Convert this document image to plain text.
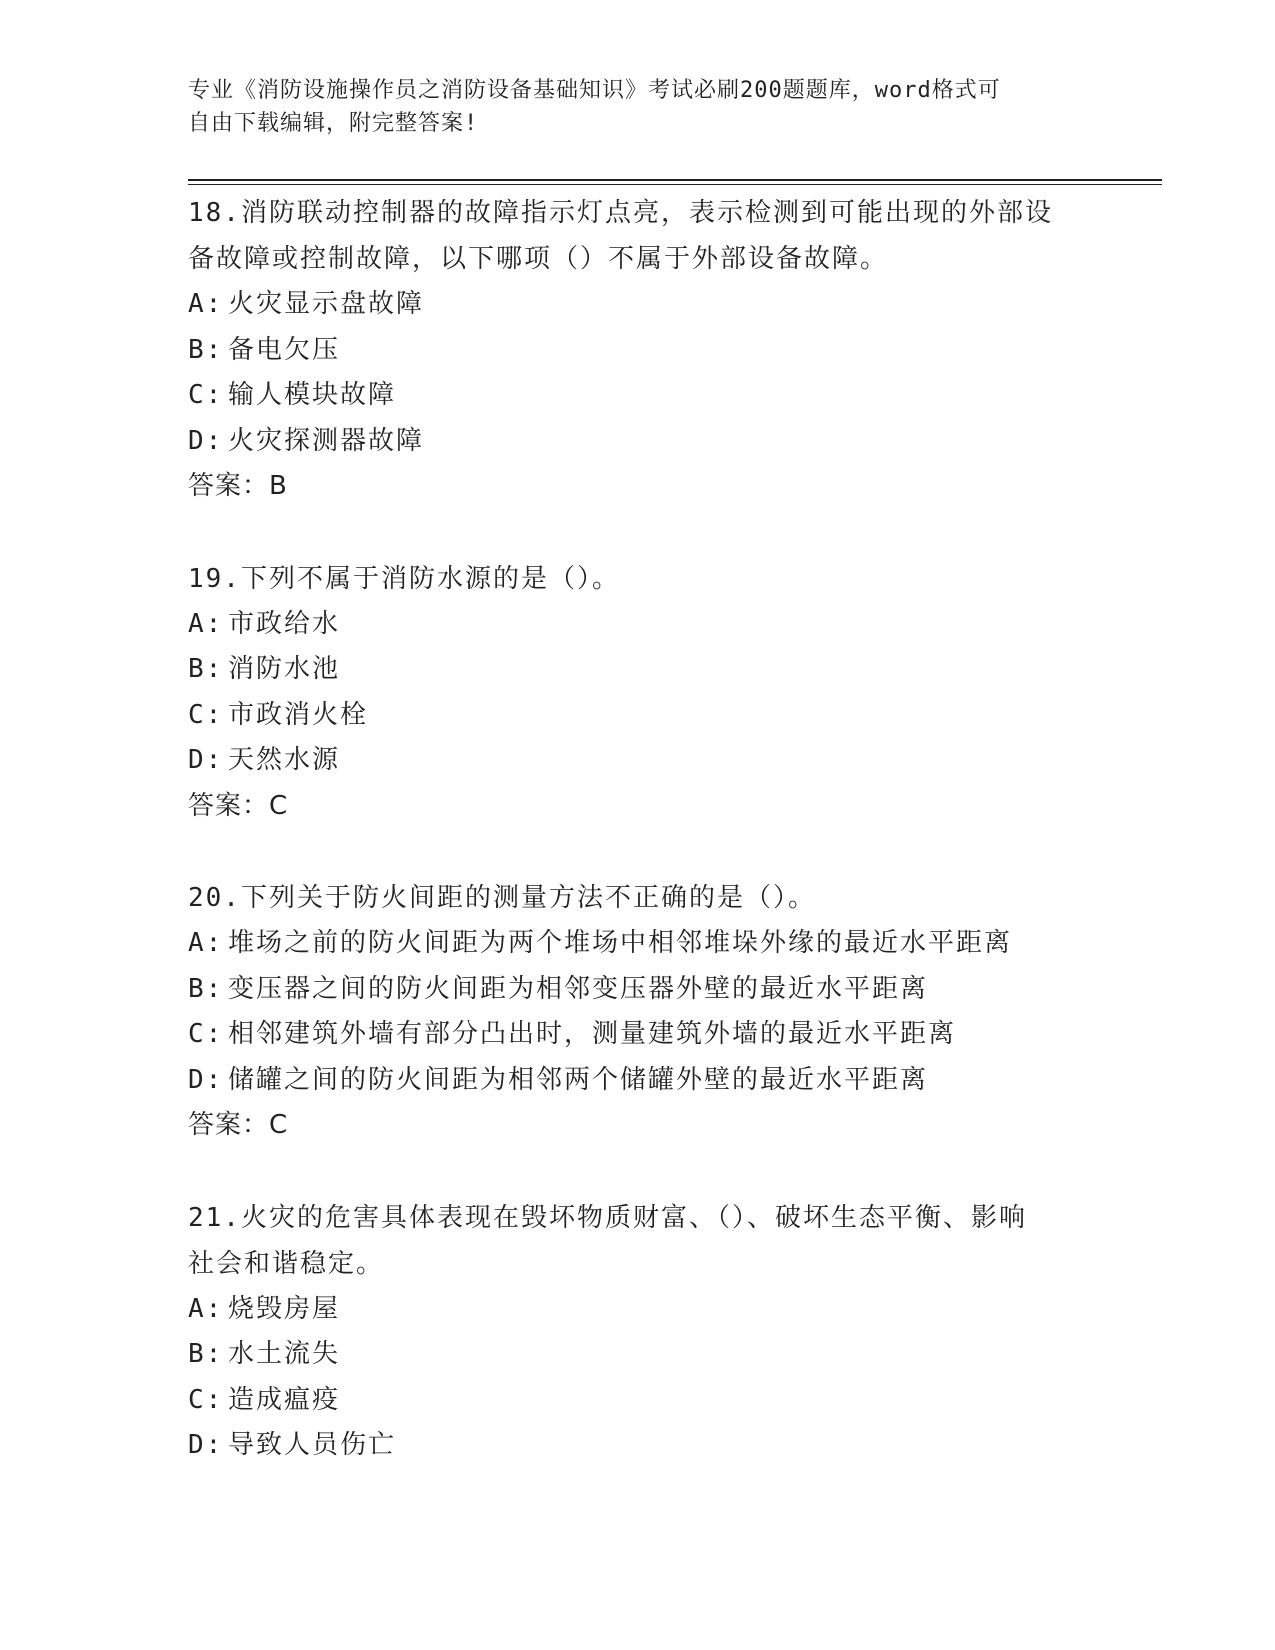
专业《消防设施操作员之消防设备基础知识》考试必刷200题题库，word格式可
自由下载编辑，附完整答案!
18.消防联动控制器的故障指示灯点亮，表示检测到可能出现的外部设
备故障或控制故障，以下哪项（）不属于外部设备故障。
A: 火灾显示盘故障
B: 备电欠压
C: 输人模块故障
D: 火灾探测器故障
答案：B
19.下列不属于消防水源的是（）。
A: 市政给水
B: 消防水池
C: 市政消火栓
D: 天然水源
答案：C
20.下列关于防火间距的测量方法不正确的是（）。
A: 堆场之前的防火间距为两个堆场中相邻堆垛外缘的最近水平距离
B: 变压器之间的防火间距为相邻变压器外壁的最近水平距离
C: 相邻建筑外墙有部分凸出时，测量建筑外墙的最近水平距离
D: 储罐之间的防火间距为相邻两个储罐外壁的最近水平距离
答案：C
21.火灾的危害具体表现在毁坏物质财富、（）、破坏生态平衡、影响
社会和谐稳定。
A: 烧毁房屋
B: 水土流失
C: 造成瘟疫
D: 导致人员伤亡
